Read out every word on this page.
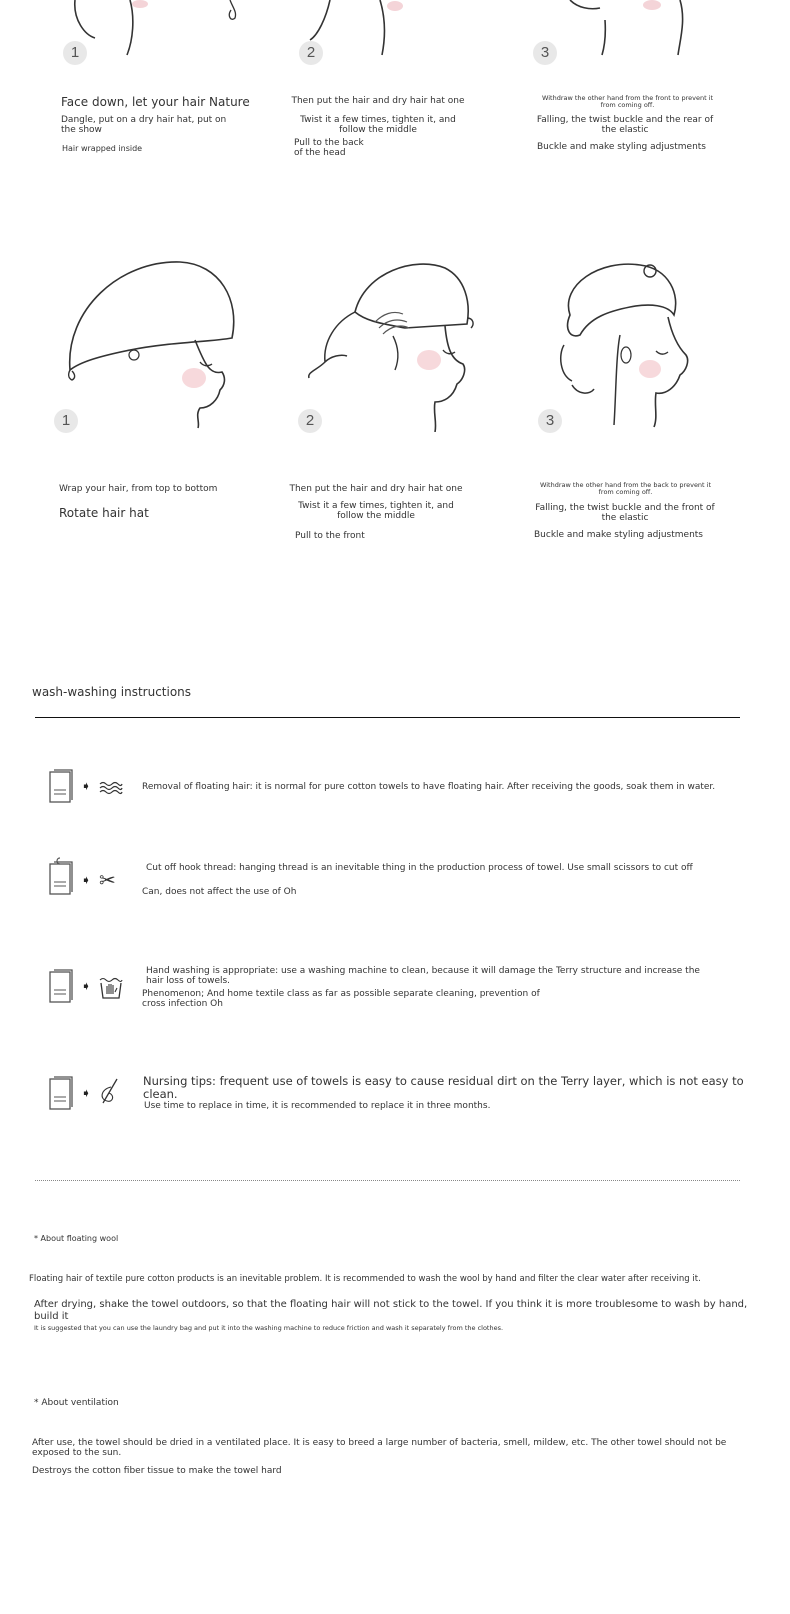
1	2	3
Face down, let your hair Nature
Dangle, put on a dry hair hat, put on the show
Hair wrapped inside
Then put the hair and dry hair hat one
Twist it a few times, tighten it, and follow the middle
Pull to the back of the head
Withdraw the other hand from the front to prevent it from coming off.
Falling, the twist buckle and the rear of the elastic
Buckle and make styling adjustments
1	2	3
Wrap your hair, from top to bottom
Rotate hair hat
Then put the hair and dry hair hat one
Twist it a few times, tighten it, and follow the middle
Pull to the front
Withdraw the other hand from the back to prevent it from coming off.
Falling, the twist buckle and the front of the elastic
Buckle and make styling adjustments
wash-washing instructions
➧	Removal of floating hair: it is normal for pure cotton towels to have floating hair. After receiving the goods, soak them in water.
➧ ✂	Cut off hook thread: hanging thread is an inevitable thing in the production process of towel. Use small scissors to cut off
Can, does not affect the use of Oh
➧
Hand washing is appropriate: use a washing machine to clean, because it will damage the Terry structure and increase the hair loss of towels.
Phenomenon; And home textile class as far as possible separate cleaning, prevention of cross infection Oh
➧
Nursing tips: frequent use of towels is easy to cause residual dirt on the Terry layer, which is not easy to clean.
Use time to replace in time, it is recommended to replace it in three months.
* About floating wool
Floating hair of textile pure cotton products is an inevitable problem. It is recommended to wash the wool by hand and filter the clear water after receiving it.
After drying, shake the towel outdoors, so that the floating hair will not stick to the towel. If you think it is more troublesome to wash by hand, build it
It is suggested that you can use the laundry bag and put it into the washing machine to reduce friction and wash it separately from the clothes.
* About ventilation
After use, the towel should be dried in a ventilated place. It is easy to breed a large number of bacteria, smell, mildew, etc. The other towel should not be exposed to the sun.
Destroys the cotton fiber tissue to make the towel hard
